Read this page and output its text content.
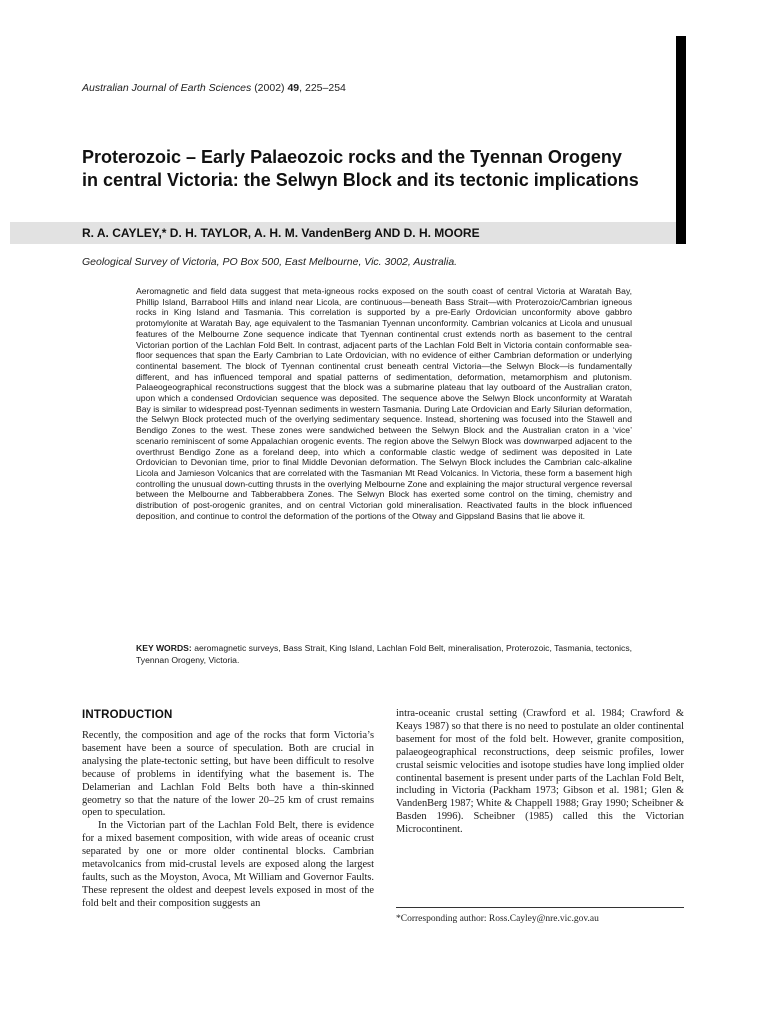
Australian Journal of Earth Sciences (2002) 49, 225–254
Proterozoic – Early Palaeozoic rocks and the Tyennan Orogeny in central Victoria: the Selwyn Block and its tectonic implications
R. A. CAYLEY,* D. H. TAYLOR, A. H. M. VandenBerg AND D. H. MOORE
Geological Survey of Victoria, PO Box 500, East Melbourne, Vic. 3002, Australia.

Aeromagnetic and field data suggest that meta-igneous rocks exposed on the south coast of central Victoria at Waratah Bay, Phillip Island, Barrabool Hills and inland near Licola, are continuous—beneath Bass Strait—with Proterozoic/Cambrian igneous rocks in King Island and Tasmania. This correlation is supported by a pre-Early Ordovician unconformity above gabbro protomylonite at Waratah Bay, age equivalent to the Tasmanian Tyennan unconformity. Cambrian volcanics at Licola and unusual features of the Melbourne Zone sequence indicate that Tyennan continental crust extends north as basement to the central Victorian portion of the Lachlan Fold Belt. In contrast, adjacent parts of the Lachlan Fold Belt in Victoria contain conformable sea-floor sequences that span the Early Cambrian to Late Ordovician, with no evidence of either Cambrian deformation or underlying continental basement. The block of Tyennan continental crust beneath central Victoria—the Selwyn Block—is fundamentally different, and has influenced temporal and spatial patterns of sedimentation, deformation, metamorphism and plutonism. Palaeogeographical reconstructions suggest that the block was a submarine plateau that lay outboard of the Australian craton, upon which a condensed Ordovician sequence was deposited. The sequence above the Selwyn Block unconformity at Waratah Bay is similar to widespread post-Tyennan sediments in western Tasmania. During Late Ordovician and Early Silurian deformation, the Selwyn Block protected much of the overlying sedimentary sequence. Instead, shortening was focused into the Stawell and Bendigo Zones to the west. These zones were sandwiched between the Selwyn Block and the Australian craton in a ‘vice’ scenario reminiscent of some Appalachian orogenic events. The region above the Selwyn Block was downwarped adjacent to the overthrust Bendigo Zone as a foreland deep, into which a conformable clastic wedge of sediment was deposited in Late Ordovician to Devonian time, prior to final Middle Devonian deformation. The Selwyn Block includes the Cambrian calc-alkaline Licola and Jamieson Volcanics that are correlated with the Tasmanian Mt Read Volcanics. In Victoria, these form a basement high controlling the unusual down-cutting thrusts in the overlying Melbourne Zone and explaining the major structural vergence reversal between the Melbourne and Tabberabbera Zones. The Selwyn Block has exerted some control on the timing, chemistry and distribution of post-orogenic granites, and on central Victorian gold mineralisation. Reactivated faults in the block influenced deposition, and continue to control the deformation of the portions of the Otway and Gippsland Basins that lie above it.

KEY WORDS: aeromagnetic surveys, Bass Strait, King Island, Lachlan Fold Belt, mineralisation, Proterozoic, Tasmania, tectonics, Tyennan Orogeny, Victoria.

INTRODUCTION

Recently, the composition and age of the rocks that form Victoria’s basement have been a source of speculation. Both are crucial in analysing the plate-tectonic setting, but have been difficult to resolve because of problems in identifying what the basement is. The Delamerian and Lachlan Fold Belts both have a thin-skinned geometry so that the nature of the lower 20–25 km of crust remains open to speculation.

In the Victorian part of the Lachlan Fold Belt, there is evidence for a mixed basement composition, with wide areas of oceanic crust separated by one or more older continental blocks. Cambrian metavolcanics from mid-crustal levels are exposed along the largest faults, such as the Moyston, Avoca, Mt William and Governor Faults. These represent the oldest and deepest levels exposed in most of the fold belt and their composition suggests an

intra-oceanic crustal setting (Crawford et al. 1984; Crawford & Keays 1987) so that there is no need to postulate an older continental basement for most of the fold belt. However, granite composition, palaeogeographical reconstructions, deep seismic profiles, lower crustal seismic velocities and isotope studies have long implied older continental basement is present under parts of the Lachlan Fold Belt, including in Victoria (Packham 1973; Gibson et al. 1981; Glen & VandenBerg 1987; White & Chappell 1988; Gray 1990; Scheibner & Basden 1996). Scheibner (1985) called this the Victorian Microcontinent.

*Corresponding author: Ross.Cayley@nre.vic.gov.au
